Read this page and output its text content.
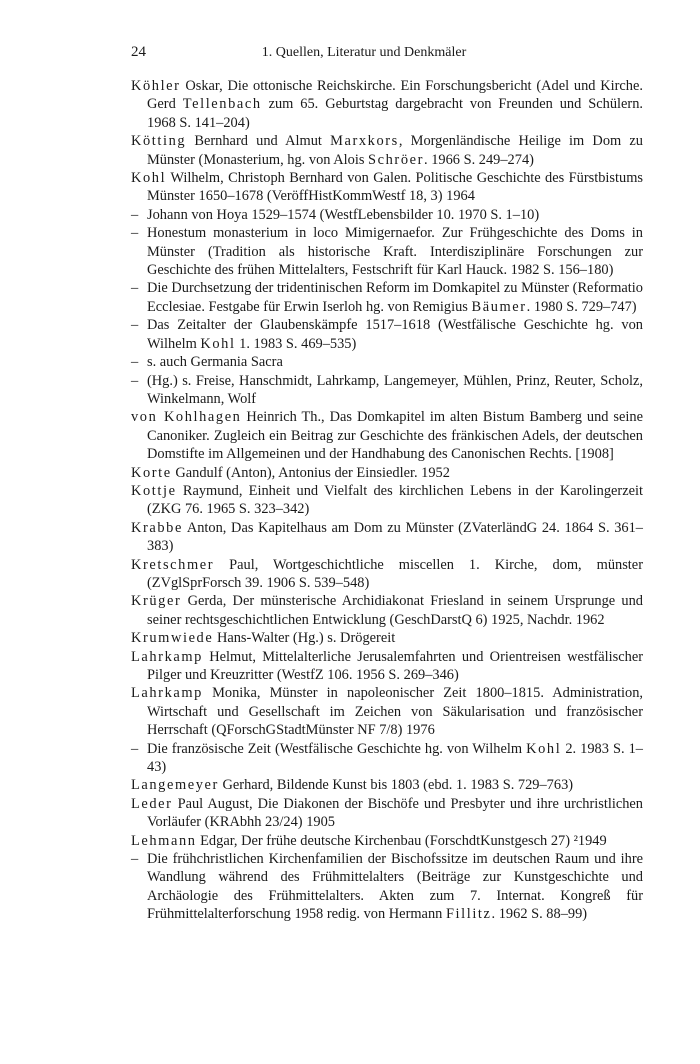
24	1. Quellen, Literatur und Denkmäler

Köhler Oskar, Die ottonische Reichskirche. Ein Forschungsbericht (Adel und Kirche. Gerd Tellenbach zum 65. Geburtstag dargebracht von Freunden und Schülern. 1968 S. 141–204)

Kötting Bernhard und Almut Marxkors, Morgenländische Heilige im Dom zu Münster (Monasterium, hg. von Alois Schröer. 1966 S. 249–274)

Kohl Wilhelm, Christoph Bernhard von Galen. Politische Geschichte des Fürstbistums Münster 1650–1678 (VeröffHistKommWestf 18, 3) 1964

– Johann von Hoya 1529–1574 (WestfLebensbilder 10. 1970 S. 1–10)

– Honestum monasterium in loco Mimigernaefor. Zur Frühgeschichte des Doms in Münster (Tradition als historische Kraft. Interdisziplinäre Forschungen zur Geschichte des frühen Mittelalters, Festschrift für Karl Hauck. 1982 S. 156–180)

– Die Durchsetzung der tridentinischen Reform im Domkapitel zu Münster (Reformatio Ecclesiae. Festgabe für Erwin Iserloh hg. von Remigius Bäumer. 1980 S. 729–747)

– Das Zeitalter der Glaubenskämpfe 1517–1618 (Westfälische Geschichte hg. von Wilhelm Kohl 1. 1983 S. 469–535)

– s. auch Germania Sacra

– (Hg.) s. Freise, Hanschmidt, Lahrkamp, Langemeyer, Mühlen, Prinz, Reuter, Scholz, Winkelmann, Wolf

von Kohlhagen Heinrich Th., Das Domkapitel im alten Bistum Bamberg und seine Canoniker. Zugleich ein Beitrag zur Geschichte des fränkischen Adels, der deutschen Domstifte im Allgemeinen und der Handhabung des Canonischen Rechts. [1908]

Korte Gandulf (Anton), Antonius der Einsiedler. 1952

Kottje Raymund, Einheit und Vielfalt des kirchlichen Lebens in der Karolingerzeit (ZKG 76. 1965 S. 323–342)

Krabbe Anton, Das Kapitelhaus am Dom zu Münster (ZVaterländG 24. 1864 S. 361–383)

Kretschmer Paul, Wortgeschichtliche miscellen 1. Kirche, dom, münster (ZVglSprForsch 39. 1906 S. 539–548)

Krüger Gerda, Der münsterische Archidiakonat Friesland in seinem Ursprunge und seiner rechtsgeschichtlichen Entwicklung (GeschDarstQ 6) 1925, Nachdr. 1962

Krumwiede Hans-Walter (Hg.) s. Drögereit

Lahrkamp Helmut, Mittelalterliche Jerusalemfahrten und Orientreisen westfälischer Pilger und Kreuzritter (WestfZ 106. 1956 S. 269–346)

Lahrkamp Monika, Münster in napoleonischer Zeit 1800–1815. Administration, Wirtschaft und Gesellschaft im Zeichen von Säkularisation und französischer Herrschaft (QForschGStadtMünster NF 7/8) 1976

– Die französische Zeit (Westfälische Geschichte hg. von Wilhelm Kohl 2. 1983 S. 1–43)

Langemeyer Gerhard, Bildende Kunst bis 1803 (ebd. 1. 1983 S. 729–763)

Leder Paul August, Die Diakonen der Bischöfe und Presbyter und ihre urchristlichen Vorläufer (KRAbhh 23/24) 1905

Lehmann Edgar, Der frühe deutsche Kirchenbau (ForschdtKunstgesch 27) ²1949

– Die frühchristlichen Kirchenfamilien der Bischofssitze im deutschen Raum und ihre Wandlung während des Frühmittelalters (Beiträge zur Kunstgeschichte und Archäologie des Frühmittelalters. Akten zum 7. Internat. Kongreß für Frühmittelalterforschung 1958 redig. von Hermann Fillitz. 1962 S. 88–99)
